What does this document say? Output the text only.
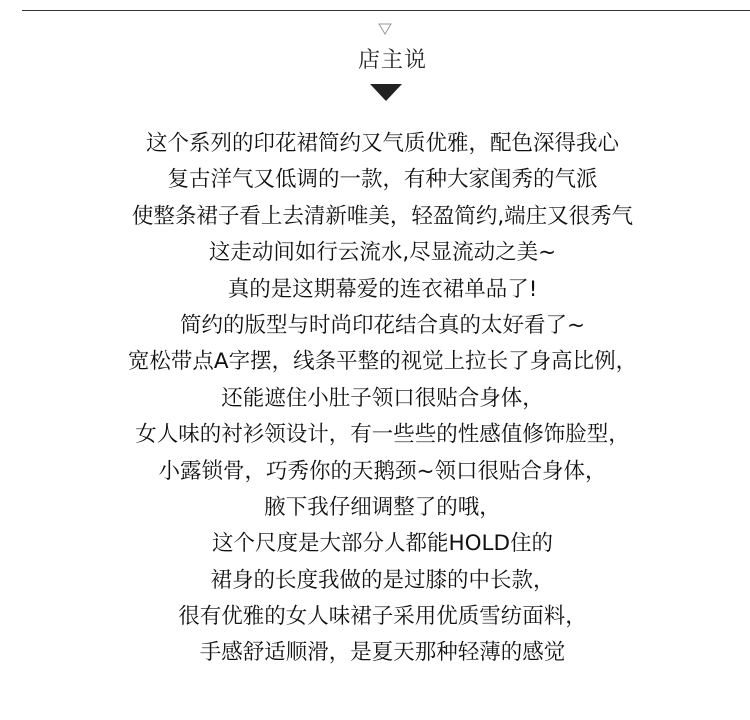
店主说
这个系列的印花裙简约又气质优雅，配色深得我心
复古洋气又低调的一款，有种大家闺秀的气派
使整条裙子看上去清新唯美，轻盈简约,端庄又很秀气
这走动间如行云流水,尽显流动之美~
真的是这期幕爱的连衣裙单品了!
简约的版型与时尚印花结合真的太好看了~
宽松带点A字摆，线条平整的视觉上拉长了身高比例，
还能遮住小肚子领口很贴合身体，
女人味的衬衫领设计，有一些些的性感值修饰脸型，
小露锁骨，巧秀你的天鹅颈~领口很贴合身体，
腋下我仔细调整了的哦，
这个尺度是大部分人都能HOLD住的
裙身的长度我做的是过膝的中长款，
很有优雅的女人味裙子采用优质雪纺面料，
手感舒适顺滑，是夏天那种轻薄的感觉
